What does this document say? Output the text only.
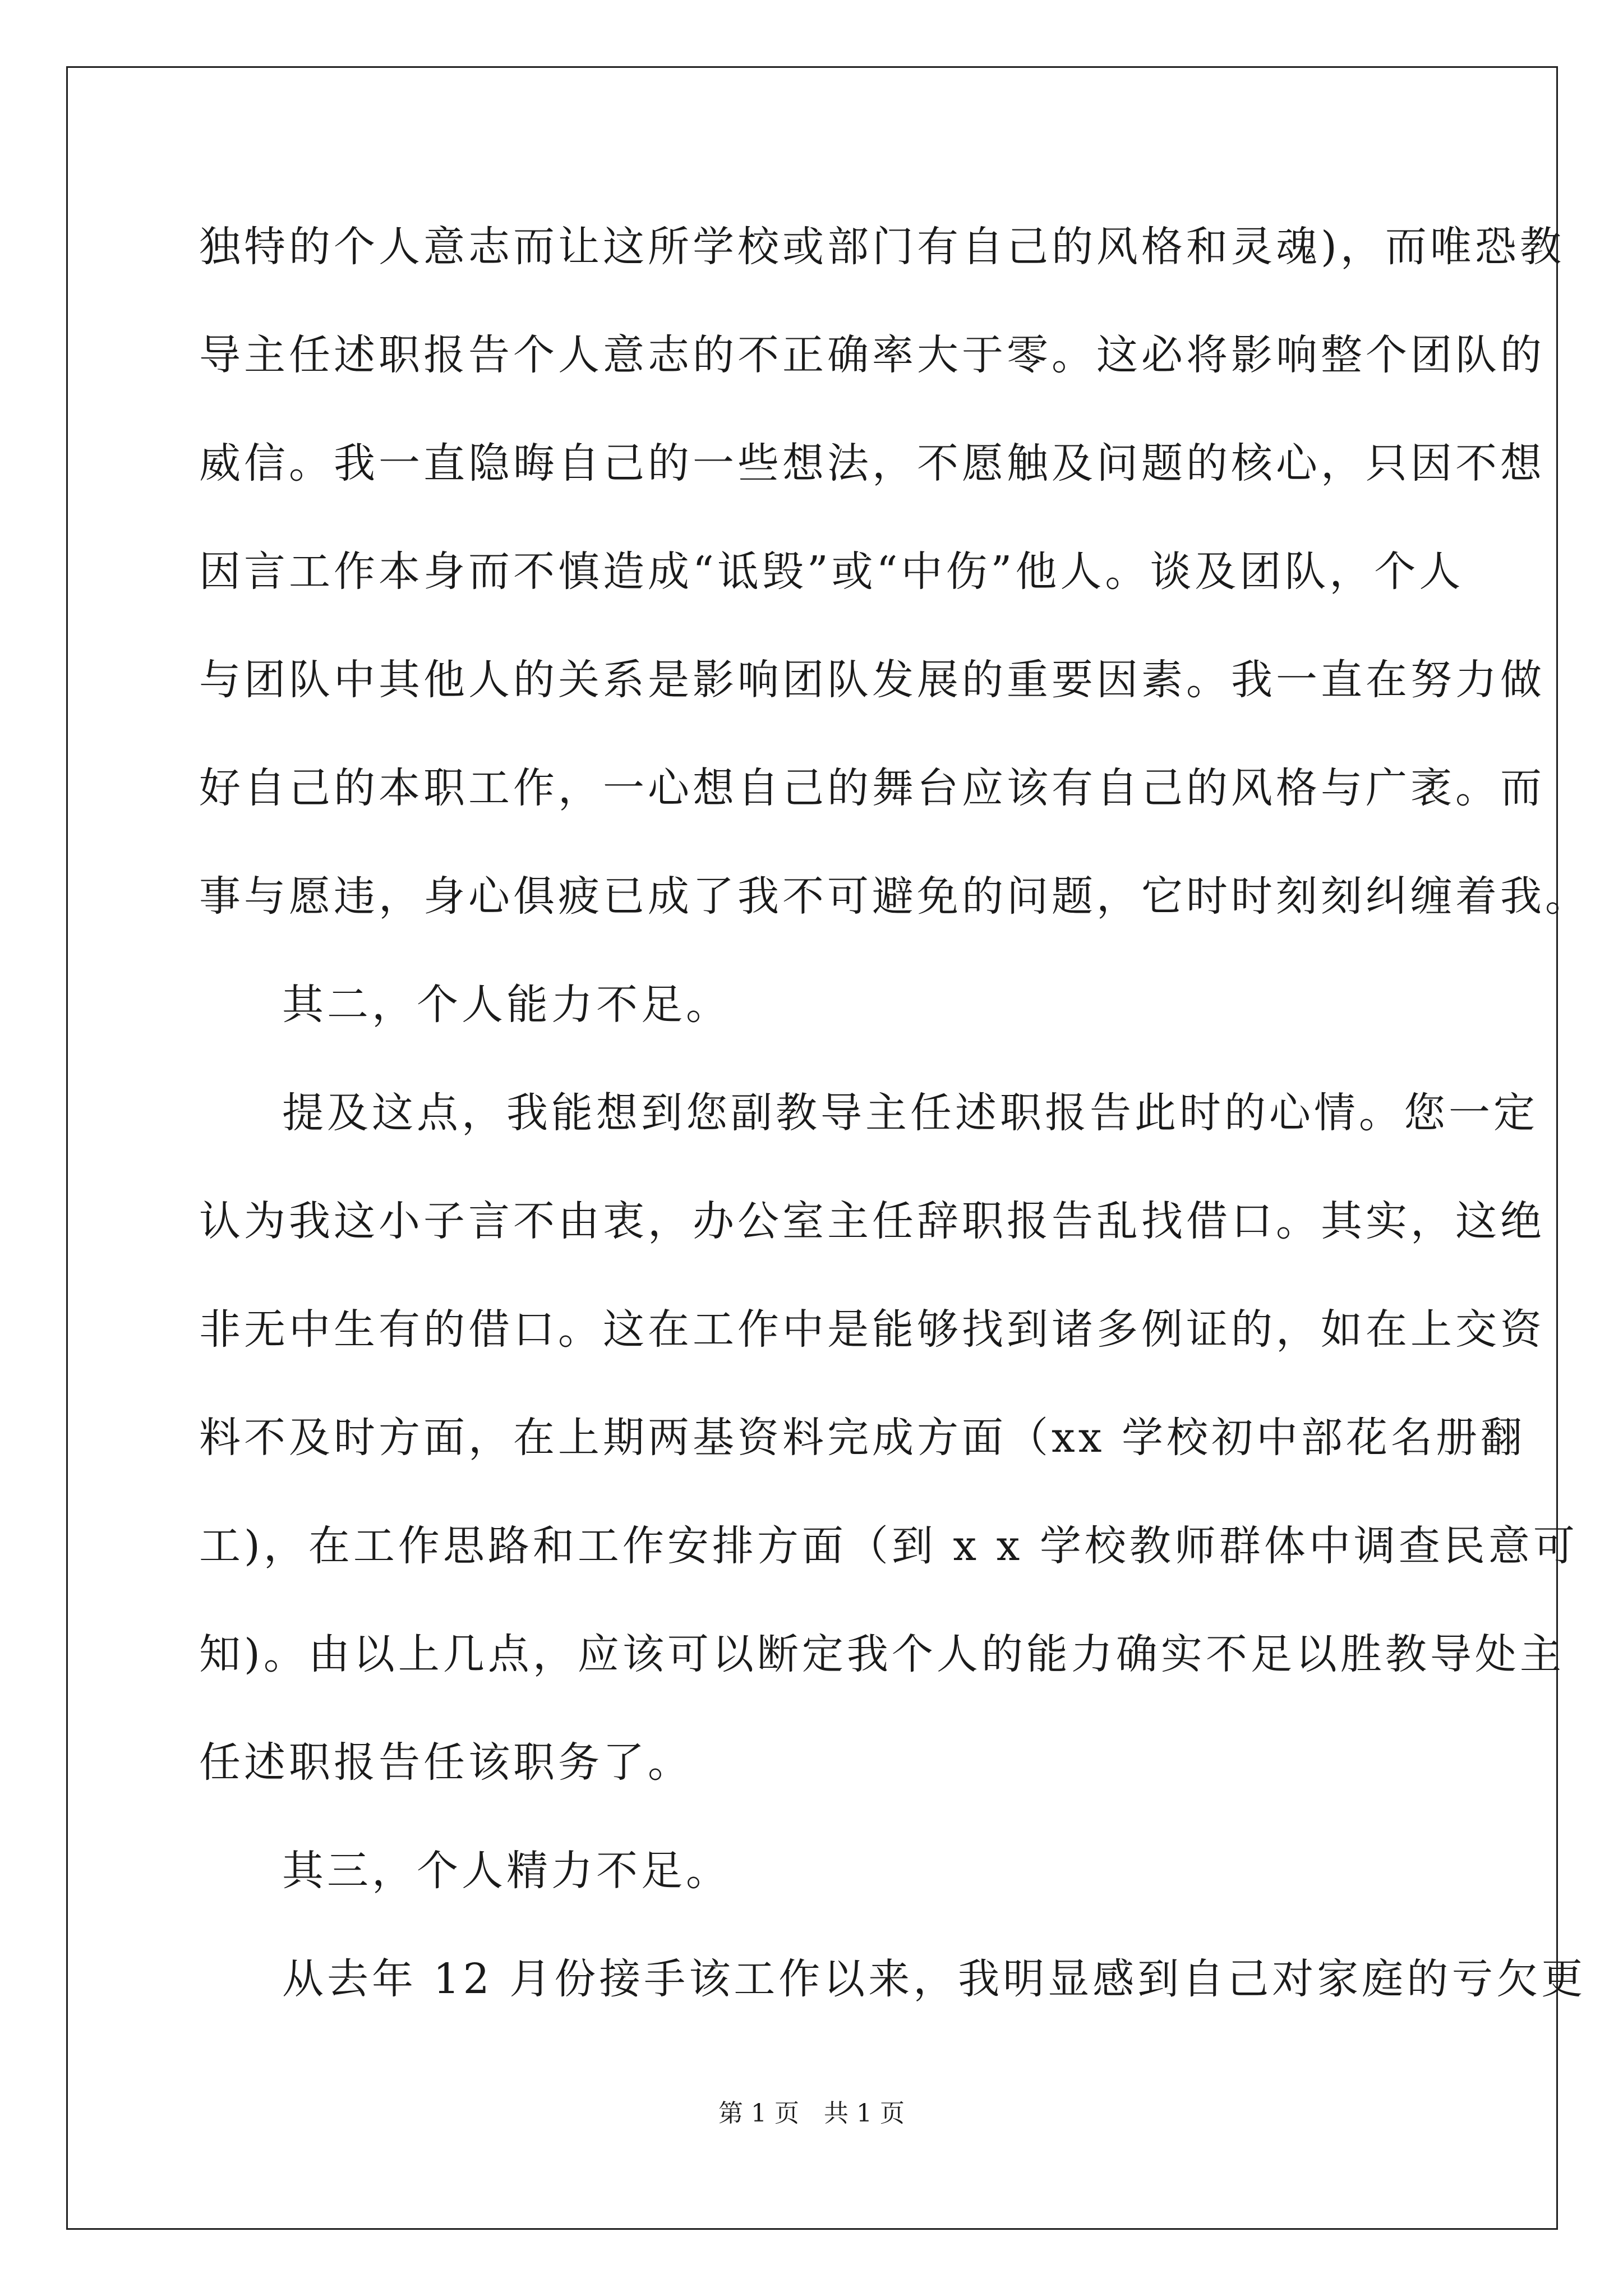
独特的个人意志而让这所学校或部门有自己的风格和灵魂)，而唯恐教
导主任述职报告个人意志的不正确率大于零。这必将影响整个团队的
威信。我一直隐晦自己的一些想法，不愿触及问题的核心，只因不想
因言工作本身而不慎造成“诋毁”或“中伤”他人。谈及团队，个人
与团队中其他人的关系是影响团队发展的重要因素。我一直在努力做
好自己的本职工作，一心想自己的舞台应该有自己的风格与广袤。而
事与愿违，身心俱疲已成了我不可避免的问题，它时时刻刻纠缠着我。
其二，个人能力不足。
提及这点，我能想到您副教导主任述职报告此时的心情。您一定
认为我这小子言不由衷，办公室主任辞职报告乱找借口。其实，这绝
非无中生有的借口。这在工作中是能够找到诸多例证的，如在上交资
料不及时方面，在上期两基资料完成方面（xx 学校初中部花名册翻
工)，在工作思路和工作安排方面（到 x x 学校教师群体中调查民意可
知)。由以上几点，应该可以断定我个人的能力确实不足以胜教导处主
任述职报告任该职务了。
其三，个人精力不足。
从去年 12 月份接手该工作以来，我明显感到自己对家庭的亏欠更
第 1 页 共 1 页
